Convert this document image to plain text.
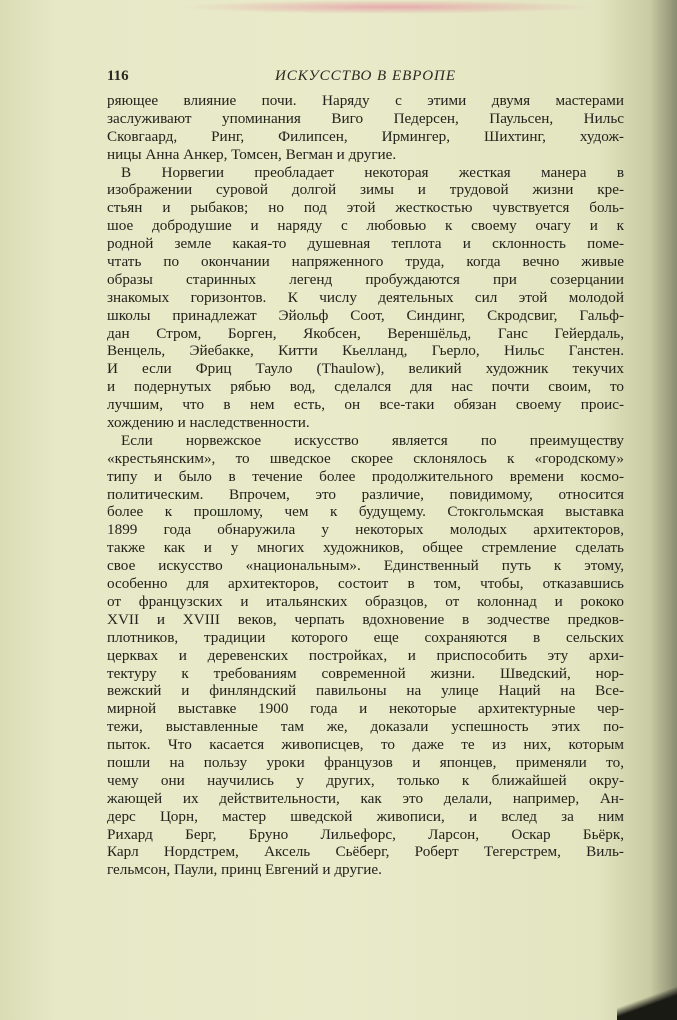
116	ИСКУССТВО В ЕВРОПЕ
ряющее влияние почи. Наряду с этими двумя мастерами
заслуживают упоминания Виго Педерсен, Паульсен, Нильс
Сковгаард, Ринг, Филипсен, Ирмингер, Шихтинг, худож-
ницы Анна Анкер, Томсен, Вегман и другие.
В Норвегии преобладает некоторая жесткая манера в
изображении суровой долгой зимы и трудовой жизни кре-
стьян и рыбаков; но под этой жесткостью чувствуется боль-
шое добродушие и наряду с любовью к своему очагу и к
родной земле какая-то душевная теплота и склонность поме-
чтать по окончании напряженного труда, когда вечно живые
образы старинных легенд пробуждаются при созерцании
знакомых горизонтов. К числу деятельных сил этой молодой
школы принадлежат Эйольф Соот, Синдинг, Скродсвиг, Гальф-
дан Стром, Борген, Якобсен, Вереншёльд, Ганс Гейердаль,
Венцель, Эйебакке, Китти Кьелланд, Гьерло, Нильс Ганстен.
И если Фриц Тауло (Thaulow), великий художник текучих
и подернутых рябью вод, сделался для нас почти своим, то
лучшим, что в нем есть, он все-таки обязан своему проис-
хождению и наследственности.
Если норвежское искусство является по преимуществу
«крестьянским», то шведское скорее склонялось к «городскому»
типу и было в течение более продолжительного времени космо-
политическим. Впрочем, это различие, повидимому, относится
более к прошлому, чем к будущему. Стокгольмская выставка
1899 года обнаружила у некоторых молодых архитекторов,
также как и у многих художников, общее стремление сделать
свое искусство «национальным». Единственный путь к этому,
особенно для архитекторов, состоит в том, чтобы, отказавшись
от французских и итальянских образцов, от колоннад и рококо
XVII и XVIII веков, черпать вдохновение в зодчестве предков-
плотников, традиции которого еще сохраняются в сельских
церквах и деревенских постройках, и приспособить эту архи-
тектуру к требованиям современной жизни. Шведский, нор-
вежский и финляндский павильоны на улице Наций на Все-
мирной выставке 1900 года и некоторые архитектурные чер-
тежи, выставленные там же, доказали успешность этих по-
пыток. Что касается живописцев, то даже те из них, которым
пошли на пользу уроки французов и японцев, применяли то,
чему они научились у других, только к ближайшей окру-
жающей их действительности, как это делали, например, Ан-
дерс Цорн, мастер шведской живописи, и вслед за ним
Рихард Берг, Бруно Лильефорс, Ларсон, Оскар Бьёрк,
Карл Нордстрем, Аксель Сьёберг, Роберт Тегерстрем, Виль-
гельмсон, Паули, принц Евгений и другие.
